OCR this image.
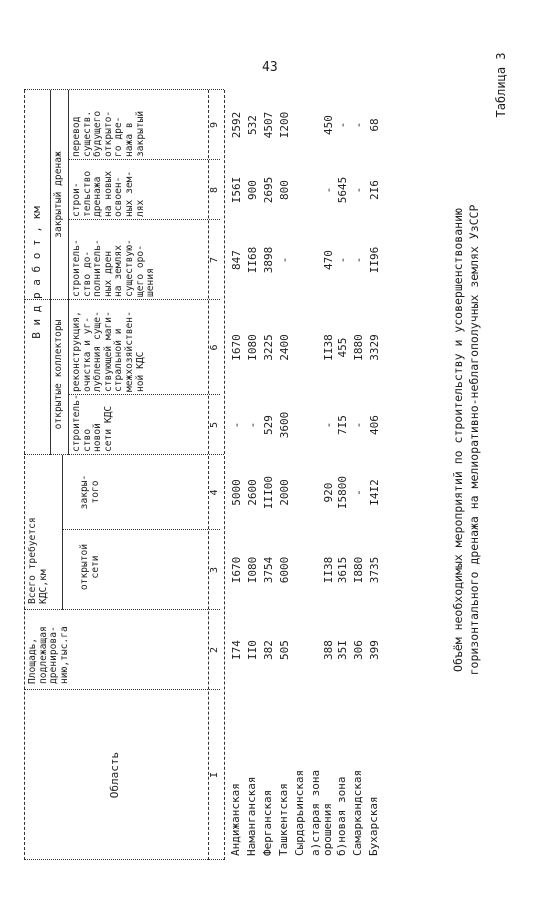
43	Таблица 3
Объём необходимых мероприятий по строительству и усовершенствованию горизонтального дренажа на мелиоративно-неблагополучных землях УзССР
Область
Площадь, подлежащая дренирова- нию,тыс.га
Всего требуется КДС,км	открытой сети
закры- того
В и д р а б о т , км
открытые коллекторы
закрытый дренаж
строитель- ство новой сети КДС
реконструкция, очистка и уг- лубления суще- ствующей маги- стральной и межхозяйствен- ной КДС
строитель- ство до- полнитель- ных дрен на землях существую- щего оро- шения
строи- тельство дренажа на новых освоен- ных зем- лях
перевод существ. будущего открыто- го дре- нажа в закрытый
I
2
3
4
5
6
7
8
9
Андижанская
I74
I670
5000
-
I670
847
I56I
2592
Наманганская
II0
I080
2600
-
I080
II68
900
532
Ферганская
382
3754
III00
529
3225
3898
2695
4507
Ташкентская
505
6000
2000
3600
2400
-
800
I200
Сырдарьинская а)старая зона орошения
388
II38
920
-
II38
470
-
450
б)новая зона
35I
3615
I5800
7I5
455
-
5645
-
Самаркандская
306
I880
-
-
I880
-
-
-
Бухарская
399
3735
I4I2
406
3329
II96
2I6
68
